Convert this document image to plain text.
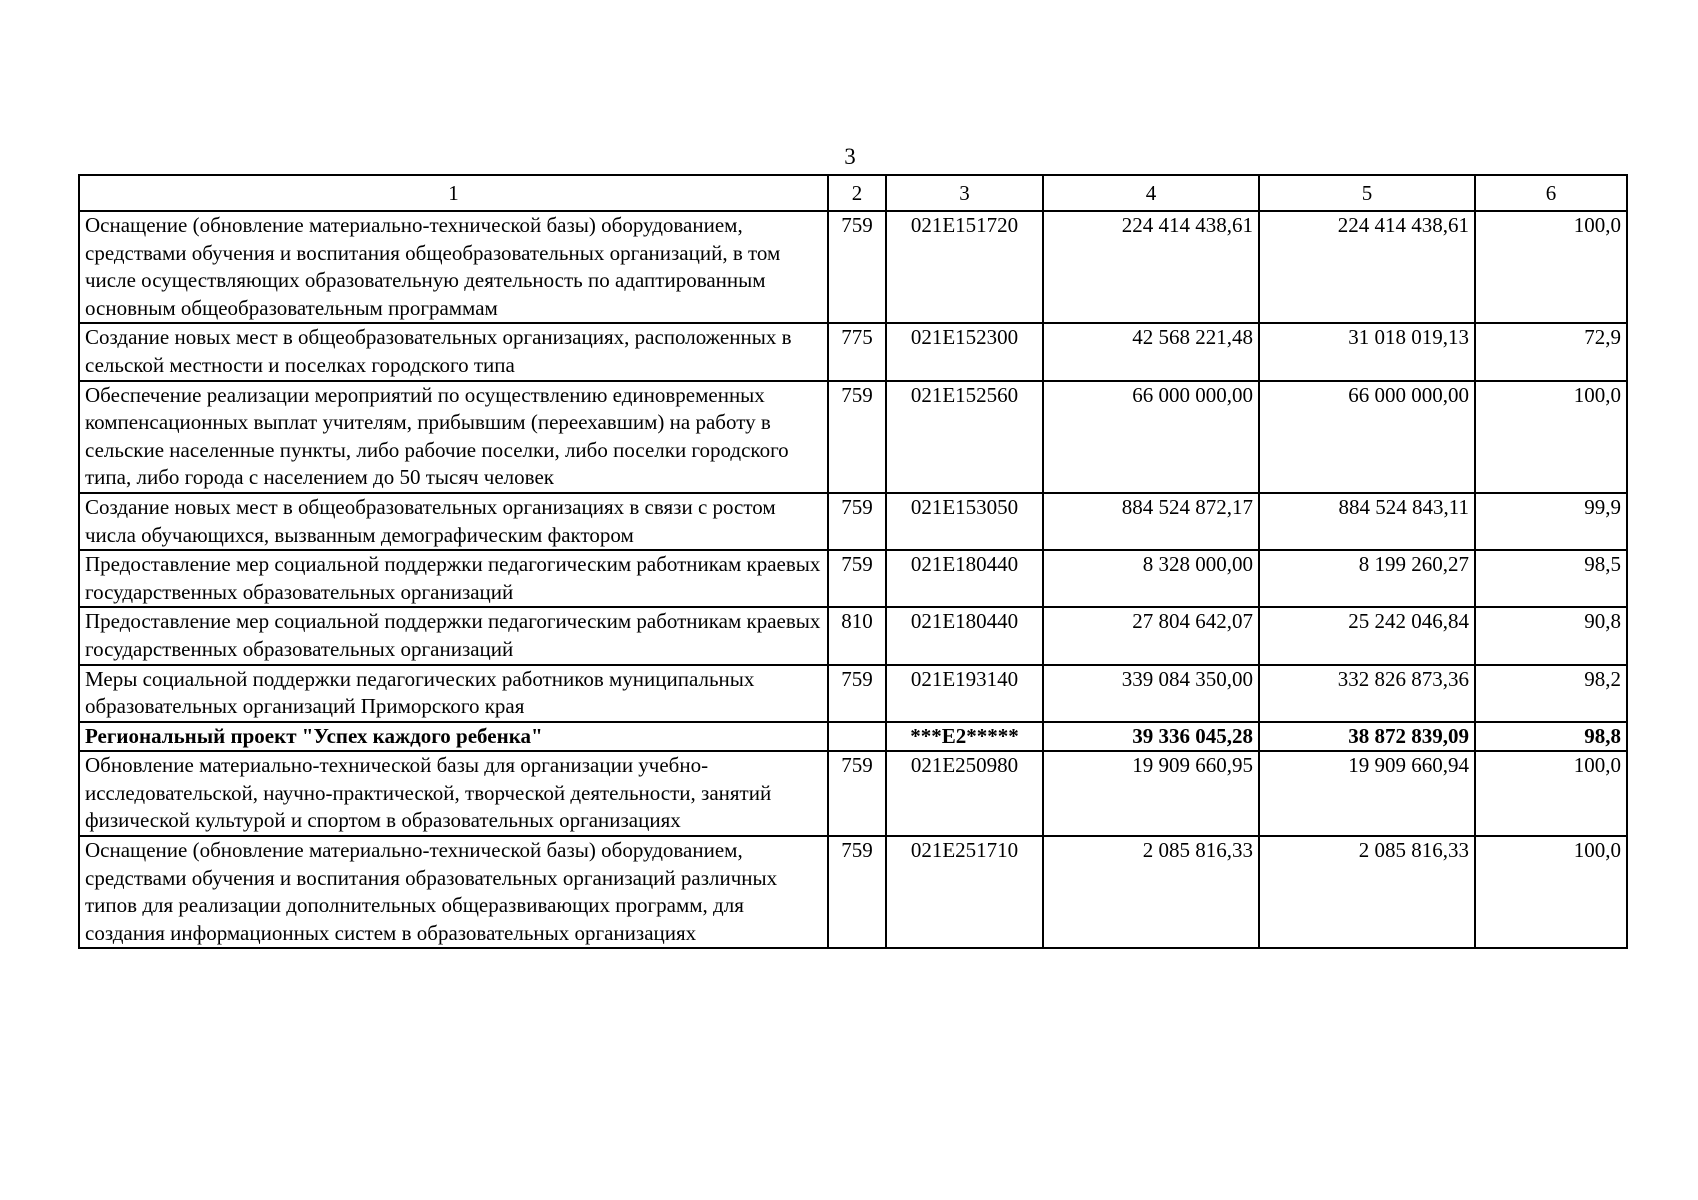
3
1	2	3	4	5	6
Оснащение (обновление материально-технической базы) оборудованием, средствами обучения и воспитания общеобразовательных организаций, в том числе осуществляющих образовательную деятельность по адаптированным основным общеобразовательным программам	759	021Е151720	224 414 438,61	224 414 438,61	100,0
Создание новых мест в общеобразовательных организациях, расположенных в сельской местности и поселках городского типа	775	021Е152300	42 568 221,48	31 018 019,13	72,9
Обеспечение реализации мероприятий по осуществлению единовременных компенсационных выплат учителям, прибывшим (переехавшим) на работу в сельские населенные пункты, либо рабочие поселки, либо поселки городского типа, либо города с населением до 50 тысяч человек	759	021Е152560	66 000 000,00	66 000 000,00	100,0
Создание новых мест в общеобразовательных организациях в связи с ростом числа обучающихся, вызванным демографическим фактором	759	021Е153050	884 524 872,17	884 524 843,11	99,9
Предоставление мер социальной поддержки педагогическим работникам краевых государственных образовательных организаций	759	021Е180440	8 328 000,00	8 199 260,27	98,5
Предоставление мер социальной поддержки педагогическим работникам краевых государственных образовательных организаций	810	021Е180440	27 804 642,07	25 242 046,84	90,8
Меры социальной поддержки педагогических работников муниципальных образовательных организаций Приморского края	759	021Е193140	339 084 350,00	332 826 873,36	98,2
Региональный проект "Успех каждого ребенка"		***Е2*****	39 336 045,28	38 872 839,09	98,8
Обновление материально-технической базы для организации учебно-исследовательской, научно-практической, творческой деятельности, занятий физической культурой и спортом в образовательных организациях	759	021Е250980	19 909 660,95	19 909 660,94	100,0
Оснащение (обновление материально-технической базы) оборудованием, средствами обучения и воспитания образовательных организаций различных типов для реализации дополнительных общеразвивающих программ, для создания информационных систем в образовательных организациях	759	021Е251710	2 085 816,33	2 085 816,33	100,0
